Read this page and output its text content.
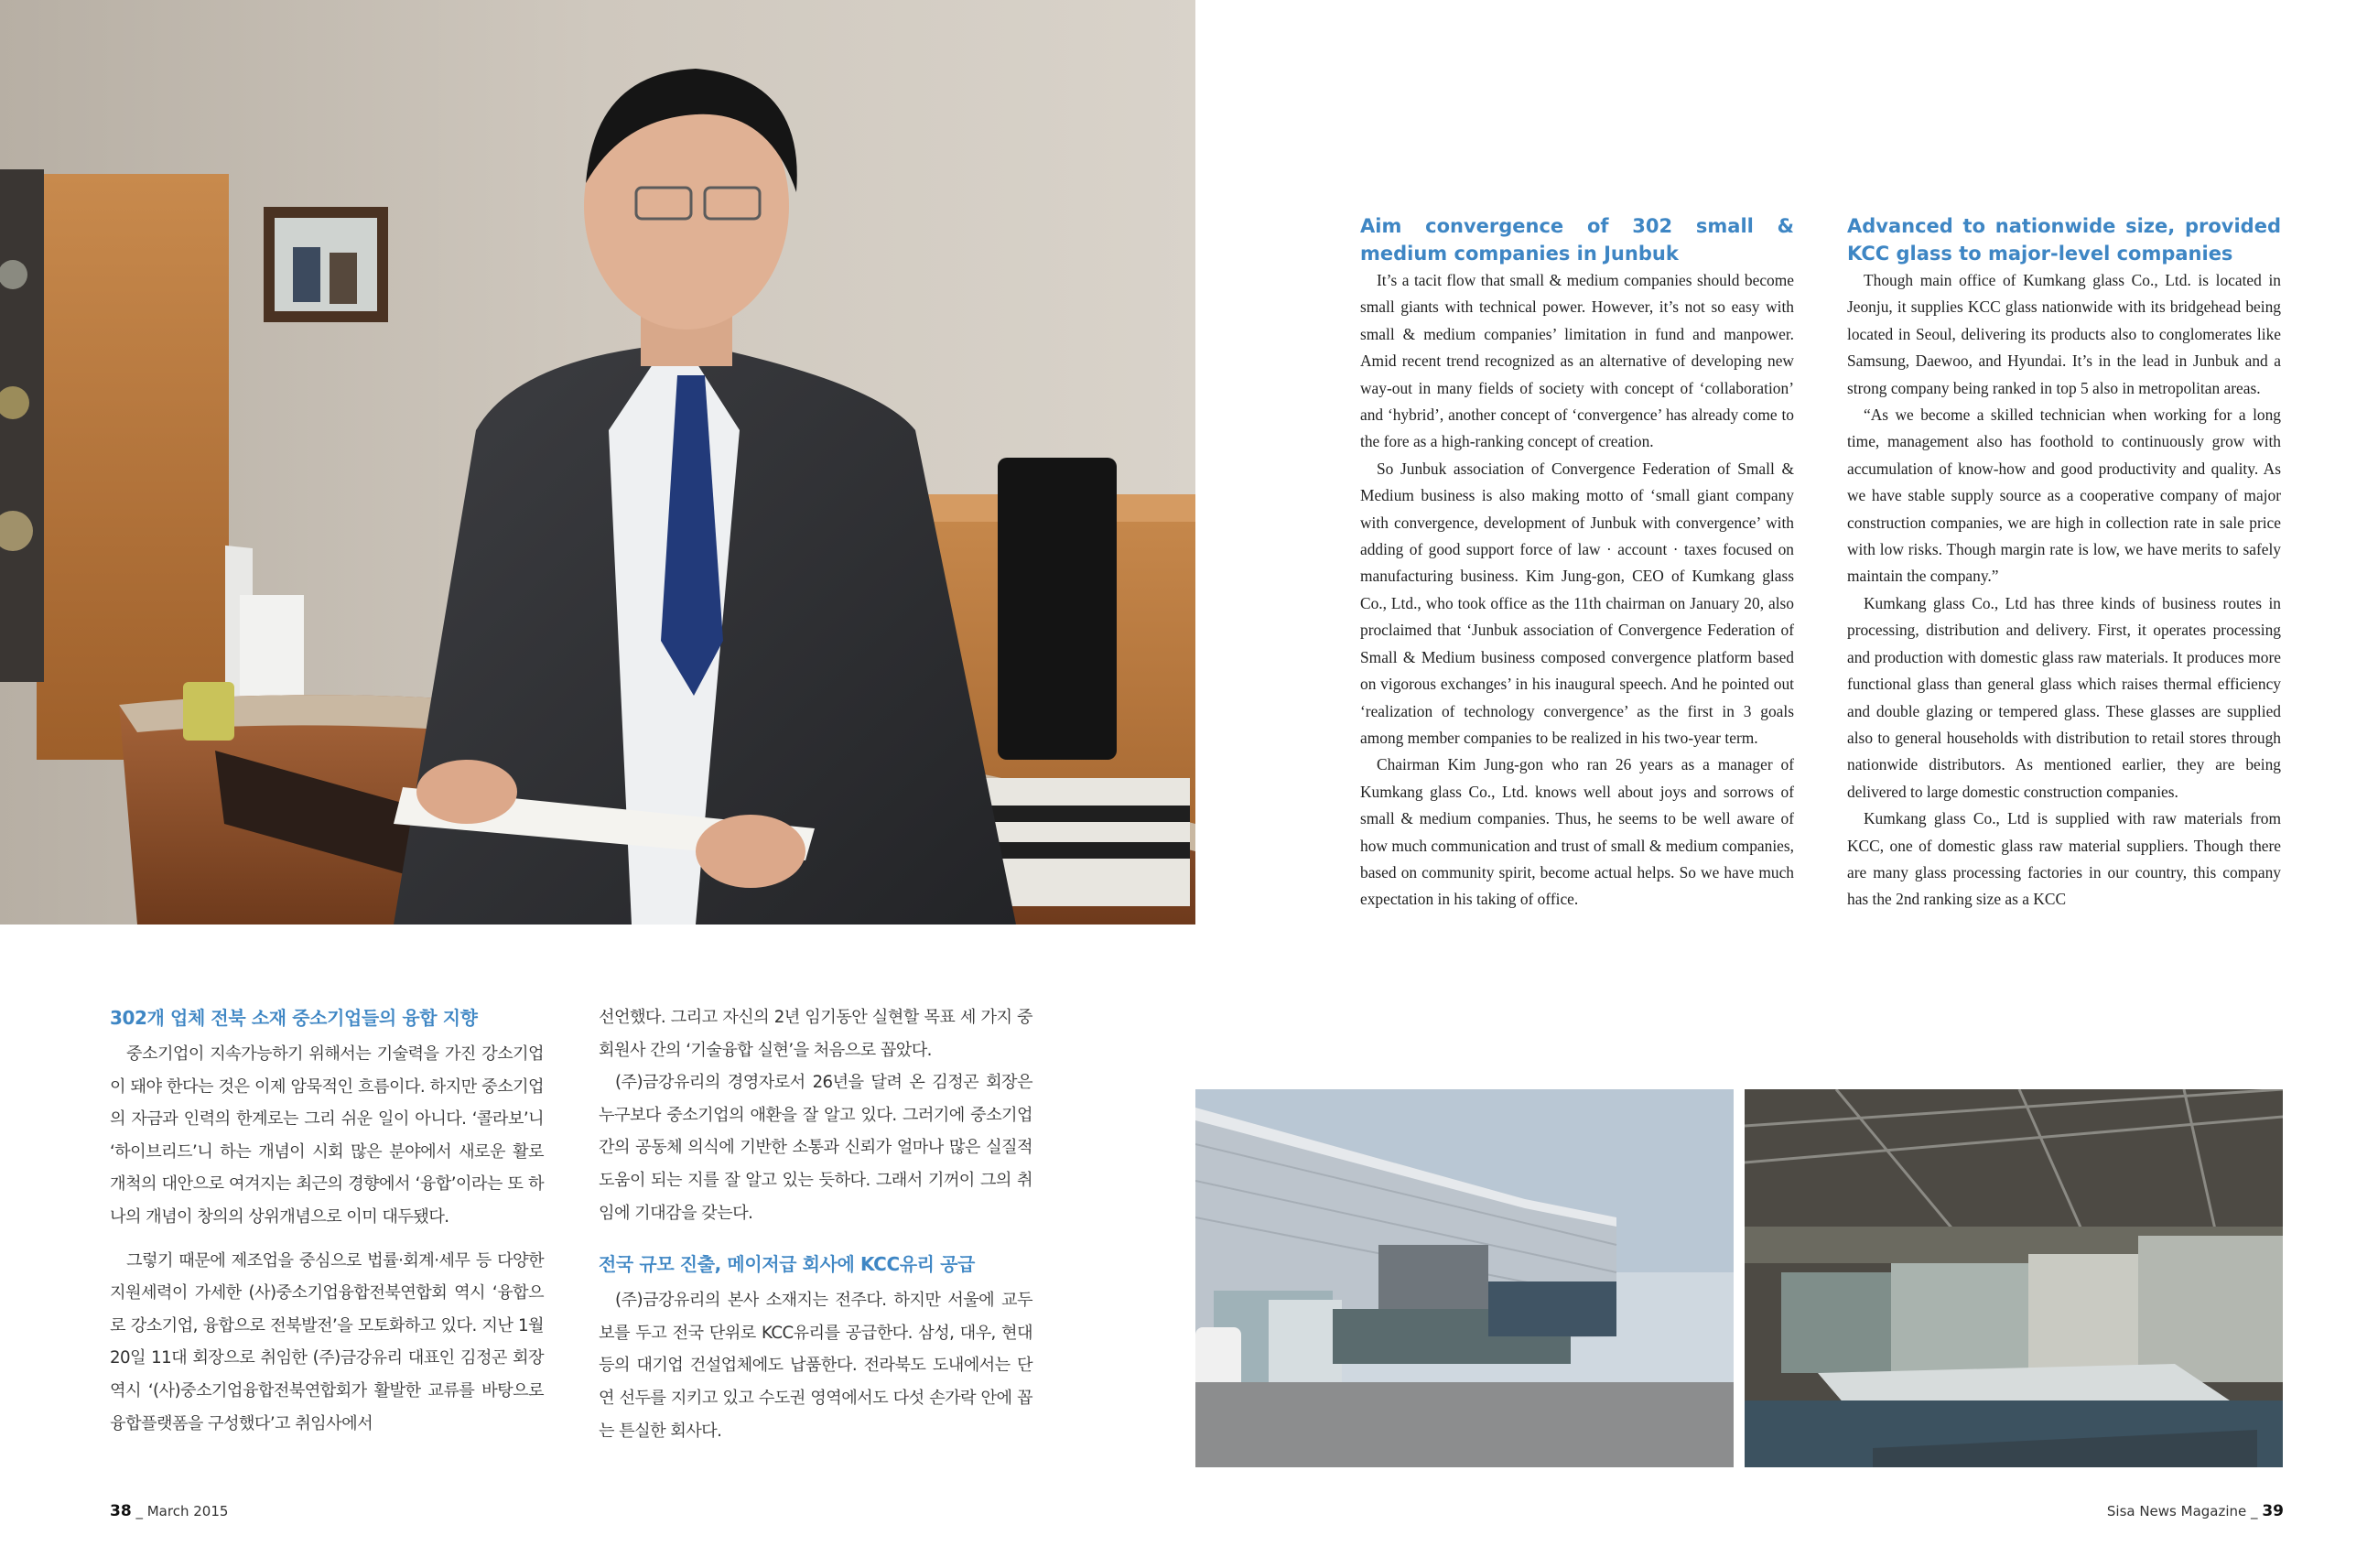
302개 업체 전북 소재 중소기업들의 융합 지향

중소기업이 지속가능하기 위해서는 기술력을 가진 강소기업이 돼야 한다는 것은 이제 암묵적인 흐름이다. 하지만 중소기업의 자금과 인력의 한계로는 그리 쉬운 일이 아니다. ‘콜라보’니 ‘하이브리드’니 하는 개념이 시회 많은 분야에서 새로운 활로 개척의 대안으로 여겨지는 최근의 경향에서 ‘융합’이라는 또 하나의 개념이 창의의 상위개념으로 이미 대두됐다.

그렇기 때문에 제조업을 중심으로 법률·회계·세무 등 다양한 지원세력이 가세한 (사)중소기업융합전북연합회 역시 ‘융합으로 강소기업, 융합으로 전북발전’을 모토화하고 있다. 지난 1월 20일 11대 회장으로 취임한 (주)금강유리 대표인 김정곤 회장 역시 ‘(사)중소기업융합전북연합회가 활발한 교류를 바탕으로 융합플랫폼을 구성했다’고 취임사에서

선언했다. 그리고 자신의 2년 임기동안 실현할 목표 세 가지 중 회원사 간의 ‘기술융합 실현’을 처음으로 꼽았다.

(주)금강유리의 경영자로서 26년을 달려 온 김정곤 회장은 누구보다 중소기업의 애환을 잘 알고 있다. 그러기에 중소기업 간의 공동체 의식에 기반한 소통과 신뢰가 얼마나 많은 실질적 도움이 되는 지를 잘 알고 있는 듯하다. 그래서 기꺼이 그의 취임에 기대감을 갖는다.

전국 규모 진출, 메이저급 회사에 KCC유리 공급

(주)금강유리의 본사 소재지는 전주다. 하지만 서울에 교두보를 두고 전국 단위로 KCC유리를 공급한다. 삼성, 대우, 현대 등의 대기업 건설업체에도 납품한다. 전라북도 도내에서는 단연 선두를 지키고 있고 수도권 영역에서도 다섯 손가락 안에 꼽는 튼실한 회사다.

Aim convergence of 302 small & medium companies in Junbuk

It’s a tacit flow that small & medium companies should become small giants with technical power. However, it’s not so easy with small & medium companies’ limitation in fund and manpower. Amid recent trend recognized as an alternative of developing new way-out in many fields of society with concept of ‘collaboration’ and ‘hybrid’, another concept of ‘convergence’ has already come to the fore as a high-ranking concept of creation.

So Junbuk association of Convergence Federation of Small & Medium business is also making motto of ‘small giant company with convergence, development of Junbuk with convergence’ with adding of good support force of law · account · taxes focused on manufacturing business. Kim Jung-gon, CEO of Kumkang glass Co., Ltd., who took office as the 11th chairman on January 20, also proclaimed that ‘Junbuk association of Convergence Federation of Small & Medium business composed convergence platform based on vigorous exchanges’ in his inaugural speech. And he pointed out ‘realization of technology convergence’ as the first in 3 goals among member companies to be realized in his two-year term.

Chairman Kim Jung-gon who ran 26 years as a manager of Kumkang glass Co., Ltd. knows well about joys and sorrows of small & medium companies. Thus, he seems to be well aware of how much communication and trust of small & medium companies, based on community spirit, become actual helps. So we have much expectation in his taking of office.

Advanced to nationwide size, provided KCC glass to major-level companies

Though main office of Kumkang glass Co., Ltd. is located in Jeonju, it supplies KCC glass nationwide with its bridgehead being located in Seoul, delivering its products also to conglomerates like Samsung, Daewoo, and Hyundai. It’s in the lead in Junbuk and a strong company being ranked in top 5 also in metropolitan areas.

“As we become a skilled technician when working for a long time, management also has foothold to continuously grow with accumulation of know-how and good productivity and quality. As we have stable supply source as a cooperative company of major construction companies, we are high in collection rate in sale price with low risks. Though margin rate is low, we have merits to safely maintain the company.”

Kumkang glass Co., Ltd has three kinds of business routes in processing, distribution and delivery. First, it operates processing and production with domestic glass raw materials. It produces more functional glass than general glass which raises thermal efficiency and double glazing or tempered glass. These glasses are supplied also to general households with distribution to retail stores through nationwide distributors. As mentioned earlier, they are being delivered to large domestic construction companies.

Kumkang glass Co., Ltd is supplied with raw materials from KCC, one of domestic glass raw material suppliers. Though there are many glass processing factories in our country, this company has the 2nd ranking size as a KCC

38 _ March 2015	Sisa News Magazine _ 39
